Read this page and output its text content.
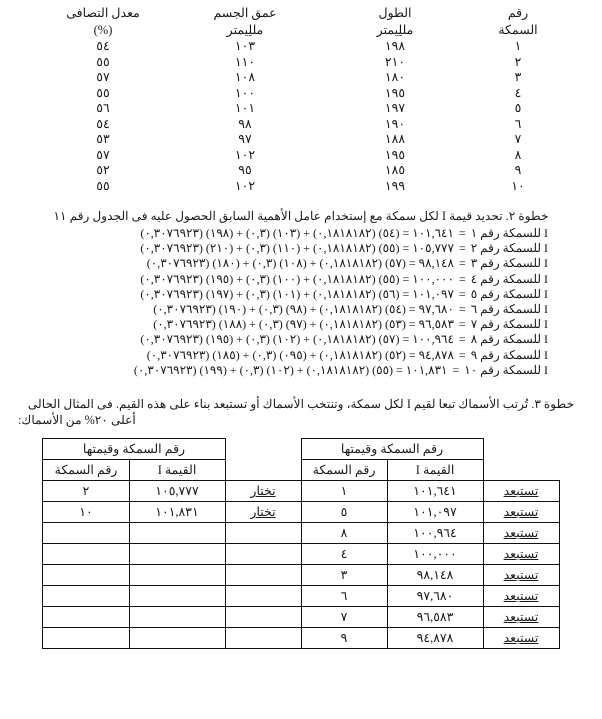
رقم	الطول	عمق الجسم	معدل التصافى
السمكة	مللِيمتر	مللِيمتر	(%)
١	١٩٨	١٠٣	٥٤
٢	٢١٠	١١٠	٥٥
٣	١٨٠	١٠٨	٥٧
٤	١٩٥	١٠٠	٥٥
٥	١٩٧	١٠١	٥٦
٦	١٩٠	٩٨	٥٤
٧	١٨٨	٩٧	٥٣
٨	١٩٥	١٠٢	٥٧
٩	١٨٥	٩٥	٥٢
١٠	١٩٩	١٠٢	٥٥
خطوة ٢. تحديد قيمة I لكل سمكة مع إستخدام عامل الأهمية السابق الحصول عليه فى الجدول رقم ١١
I للسمكة رقم ١
=
(٠,٣٠٧٦٩٢٣) (١٩٨) + (٠,٣) (١٠٣) + (٠,١٨١٨١٨٢) (٥٤) = ١٠١,٦٤١
I للسمكة رقم ٢
=
(٠,٣٠٧٦٩٢٣) (٢١٠) + (٠,٣) (١١٠) + (٠,١٨١٨١٨٢) (٥٥) = ١٠٥,٧٧٧
I للسمكة رقم ٣
=
(٠,٣٠٧٦٩٢٣) (١٨٠) + (٠,٣) (١٠٨) + (٠,١٨١٨١٨٢) (٥٧) = ٩٨,١٤٨
I للسمكة رقم ٤
=
(٠,٣٠٧٦٩٢٣) (١٩٥) + (٠,٣) (١٠٠) + (٠,١٨١٨١٨٢) (٥٥) = ١٠٠,٠٠٠
I للسمكة رقم ٥
=
(٠,٣٠٧٦٩٢٣) (١٩٧) + (٠,٣) (١٠١) + (٠,١٨١٨١٨٢) (٥٦) = ١٠١,٠٩٧
I للسمكة رقم ٦
=
(٠,٣٠٧٦٩٢٣) (١٩٠) + (٠,٣) (٩٨) + (٠,١٨١٨١٨٢) (٥٤) = ٩٧,٦٨٠
I للسمكة رقم ٧
=
(٠,٣٠٧٦٩٢٣) (١٨٨) + (٠,٣) (٩٧) + (٠,١٨١٨١٨٢) (٥٣) = ٩٦,٥٨٣
I للسمكة رقم ٨
=
(٠,٣٠٧٦٩٢٣) (١٩٥) + (٠,٣) (١٠٢) + (٠,١٨١٨١٨٢) (٥٧) = ١٠٠,٩٦٤
I للسمكة رقم ٩
=
(٠,٣٠٧٦٩٢٣) (١٨٥) + (٠,٣) (٠٩٥) + (٠,١٨١٨١٨٢) (٥٢) = ٩٤,٨٧٨
I للسمكة رقم ١٠
=
(٠,٣٠٧٦٩٢٣) (١٩٩) + (٠,٣) (١٠٢) + (٠,١٨١٨١٨٢) (٥٥) = ١٠١,٨٣١
خطوة ٣. تُرتب الأسماك تبعا لقيم I لكل سمكة، وتنتخب الأسماك أو تستبعد بناء على هذه القيم. فى المثال الحالى
أعلى ٢٠% من الأسماك:
	رقم السمكة وقيمتها			رقم السمكة وقيمتها	
	القيمة I	رقم السمكة			القيمة I	رقم السمكة
تستبعد	١٠١,٦٤١	١		تختار	١٠٥,٧٧٧	٢
تستبعد	١٠١,٠٩٧	٥		تختار	١٠١,٨٣١	١٠
تستبعد	١٠٠,٩٦٤	٨				
تستبعد	١٠٠,٠٠٠	٤				
تستبعد	٩٨,١٤٨	٣				
تستبعد	٩٧,٦٨٠	٦				
تستبعد	٩٦,٥٨٣	٧				
تستبعد	٩٤,٨٧٨	٩				
